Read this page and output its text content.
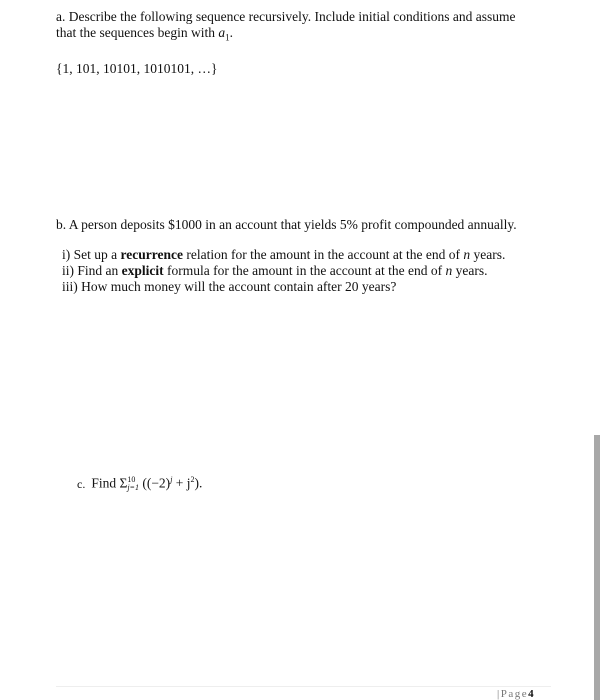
a. Describe the following sequence recursively. Include initial conditions and assume
that the sequences begin with $a_1$.
{1, 101, 10101, 1010101, …}
b. A person deposits $1000 in an account that yields 5% profit compounded annually.
i) Set up a recurrence relation for the amount in the account at the end of n years.
ii) Find an explicit formula for the amount in the account at the end of n years.
iii) How much money will the account contain after 20 years?
c. Find Σ 10
j=1 $((-2)^j + j^2)$.
|Page4
